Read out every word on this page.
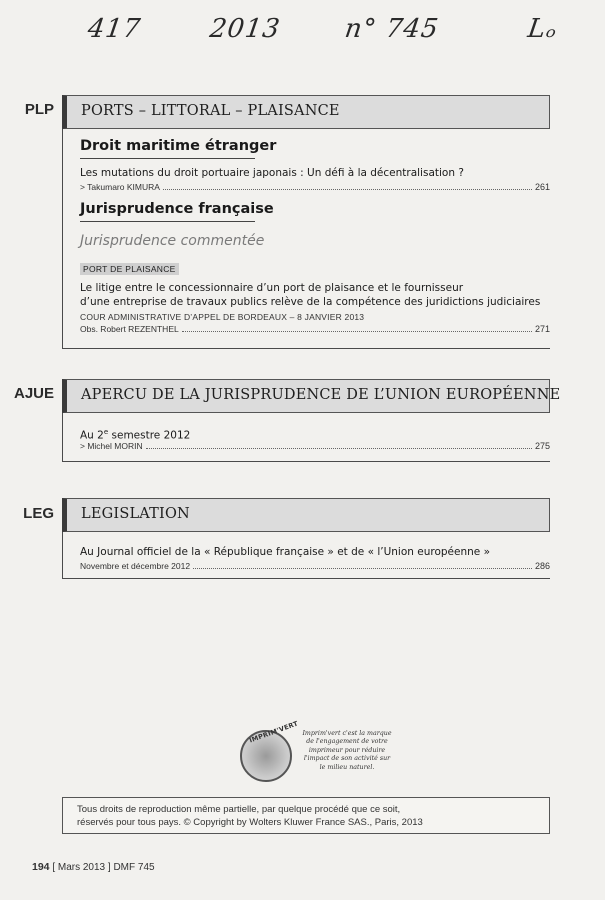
417	2013 n° 745	Lₒ
PLP PORTS – LITTORAL – PLAISANCE
Droit maritime étranger
Les mutations du droit portuaire japonais : Un défi à la décentralisation ?
> Takumaro KIMURA	261
Jurisprudence française
Jurisprudence commentée
PORT DE PLAISANCE
Le litige entre le concessionnaire d’un port de plaisance et le fournisseur
d’une entreprise de travaux publics relève de la compétence des juridictions judiciaires
COUR ADMINISTRATIVE D’APPEL DE BORDEAUX – 8 JANVIER 2013
Obs. Robert REZENTHEL	271
AJUE APERCU DE LA JURISPRUDENCE DE L’UNION EUROPÉENNE
Au 2e semestre 2012
> Michel MORIN	275
LEG LEGISLATION
Au Journal officiel de la « République française » et de « l’Union européenne »
Novembre et décembre 2012	286
IMPRIM'VERT Imprim'vert c'est la marque de l'engagement de votre imprimeur pour réduire l'impact de son activité sur le milieu naturel.
Tous droits de reproduction même partielle, par quelque procédé que ce soit,
réservés pour tous pays. © Copyright by Wolters Kluwer France SAS., Paris, 2013
194 [ Mars 2013 ] DMF 745
